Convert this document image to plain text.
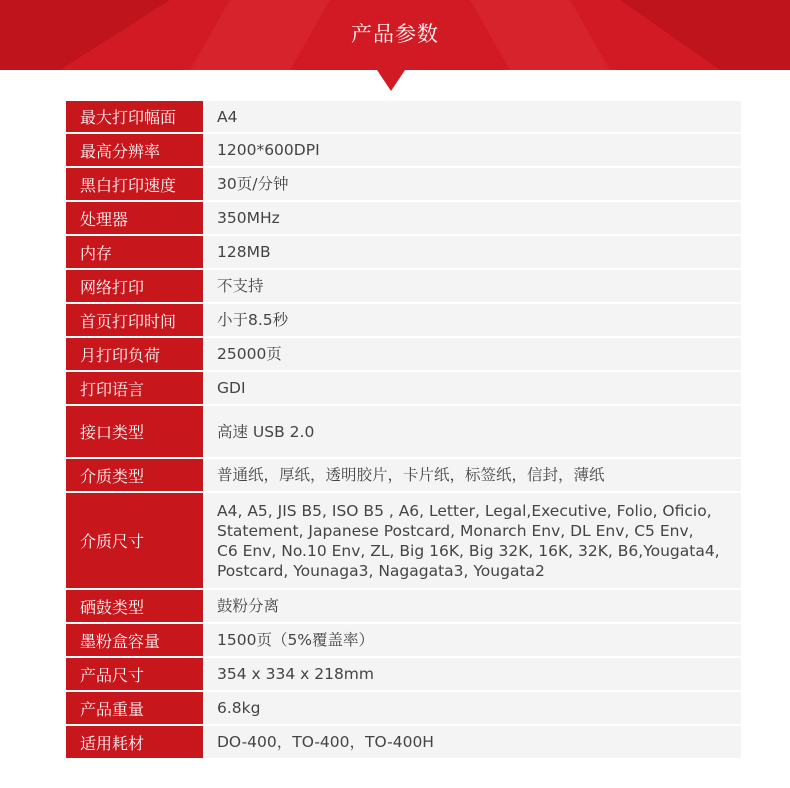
产品参数
最大打印幅面	A4
最高分辨率	1200*600DPI
黑白打印速度	30页/分钟
处理器	350MHz
内存	128MB
网络打印	不支持
首页打印时间	小于8.5秒
月打印负荷	25000页
打印语言	GDI
接口类型	高速 USB 2.0
介质类型	普通纸，厚纸，透明胶片，卡片纸，标签纸，信封，薄纸
介质尺寸
A4, A5, JIS B5, ISO B5 , A6, Letter, Legal,Executive, Folio, Oficio,
Statement, Japanese Postcard, Monarch Env, DL Env, C5 Env,
C6 Env, No.10 Env, ZL, Big 16K, Big 32K, 16K, 32K, B6,Yougata4,
Postcard, Younaga3, Nagagata3, Yougata2
硒鼓类型	鼓粉分离
墨粉盒容量	1500页（5%覆盖率）
产品尺寸	354 x 334 x 218mm
产品重量	6.8kg
适用耗材	DO-400，TO-400，TO-400H
